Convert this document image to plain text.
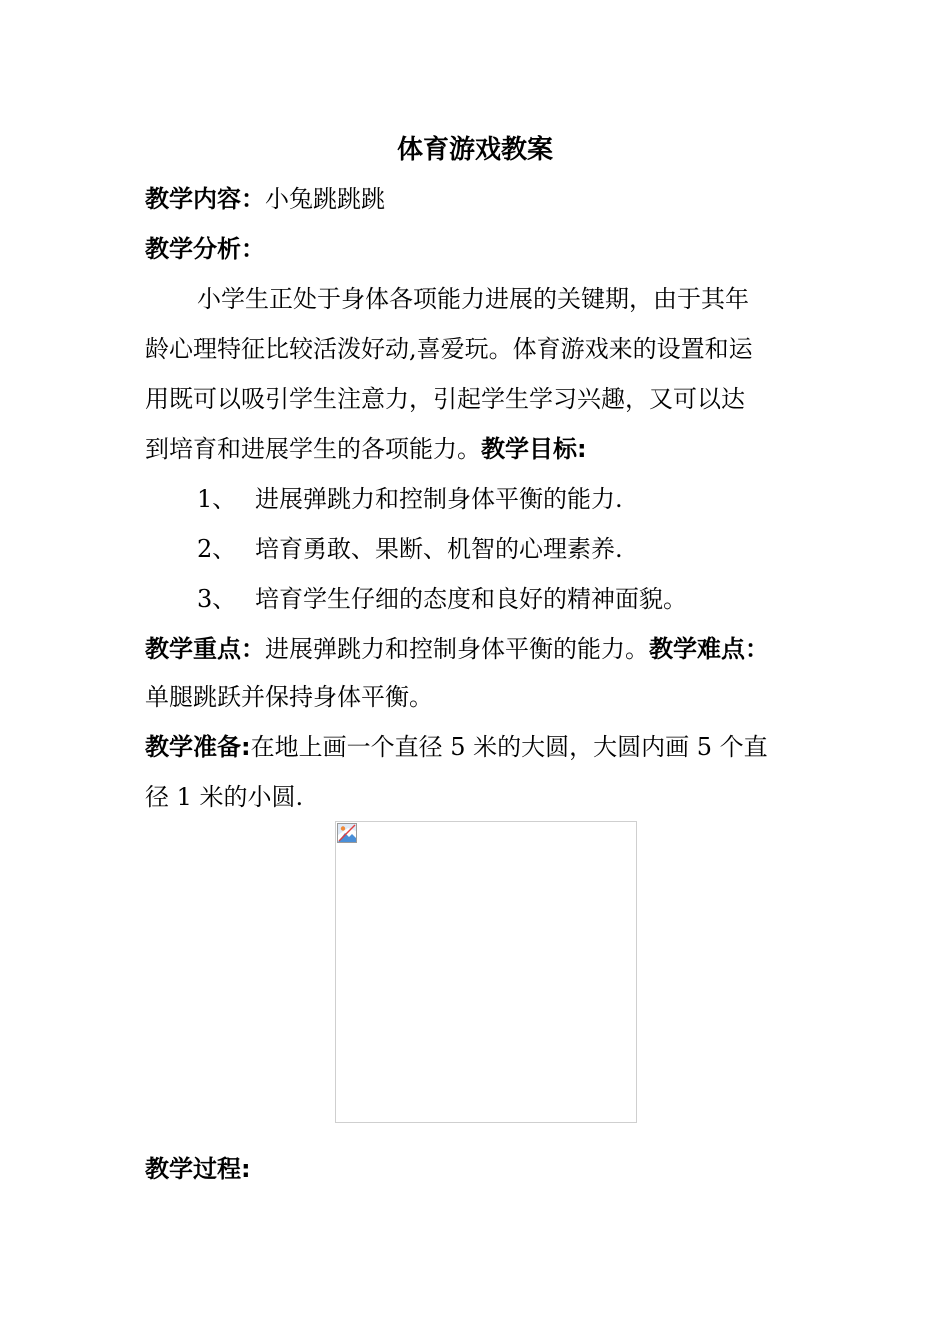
体育游戏教案
教学内容：小兔跳跳跳
教学分析：
小学生正处于身体各项能力进展的关键期，由于其年
龄心理特征比较活泼好动,喜爱玩。体育游戏来的设置和运
用既可以吸引学生注意力，引起学生学习兴趣，又可以达
到培育和进展学生的各项能力。教学目标:
1、 进展弹跳力和控制身体平衡的能力.
2、 培育勇敢、果断、机智的心理素养.
3、 培育学生仔细的态度和良好的精神面貌。
教学重点：进展弹跳力和控制身体平衡的能力。教学难点：
单腿跳跃并保持身体平衡。
教学准备:在地上画一个直径 5 米的大圆，大圆内画 5 个直
径 1 米的小圆.
教学过程:
